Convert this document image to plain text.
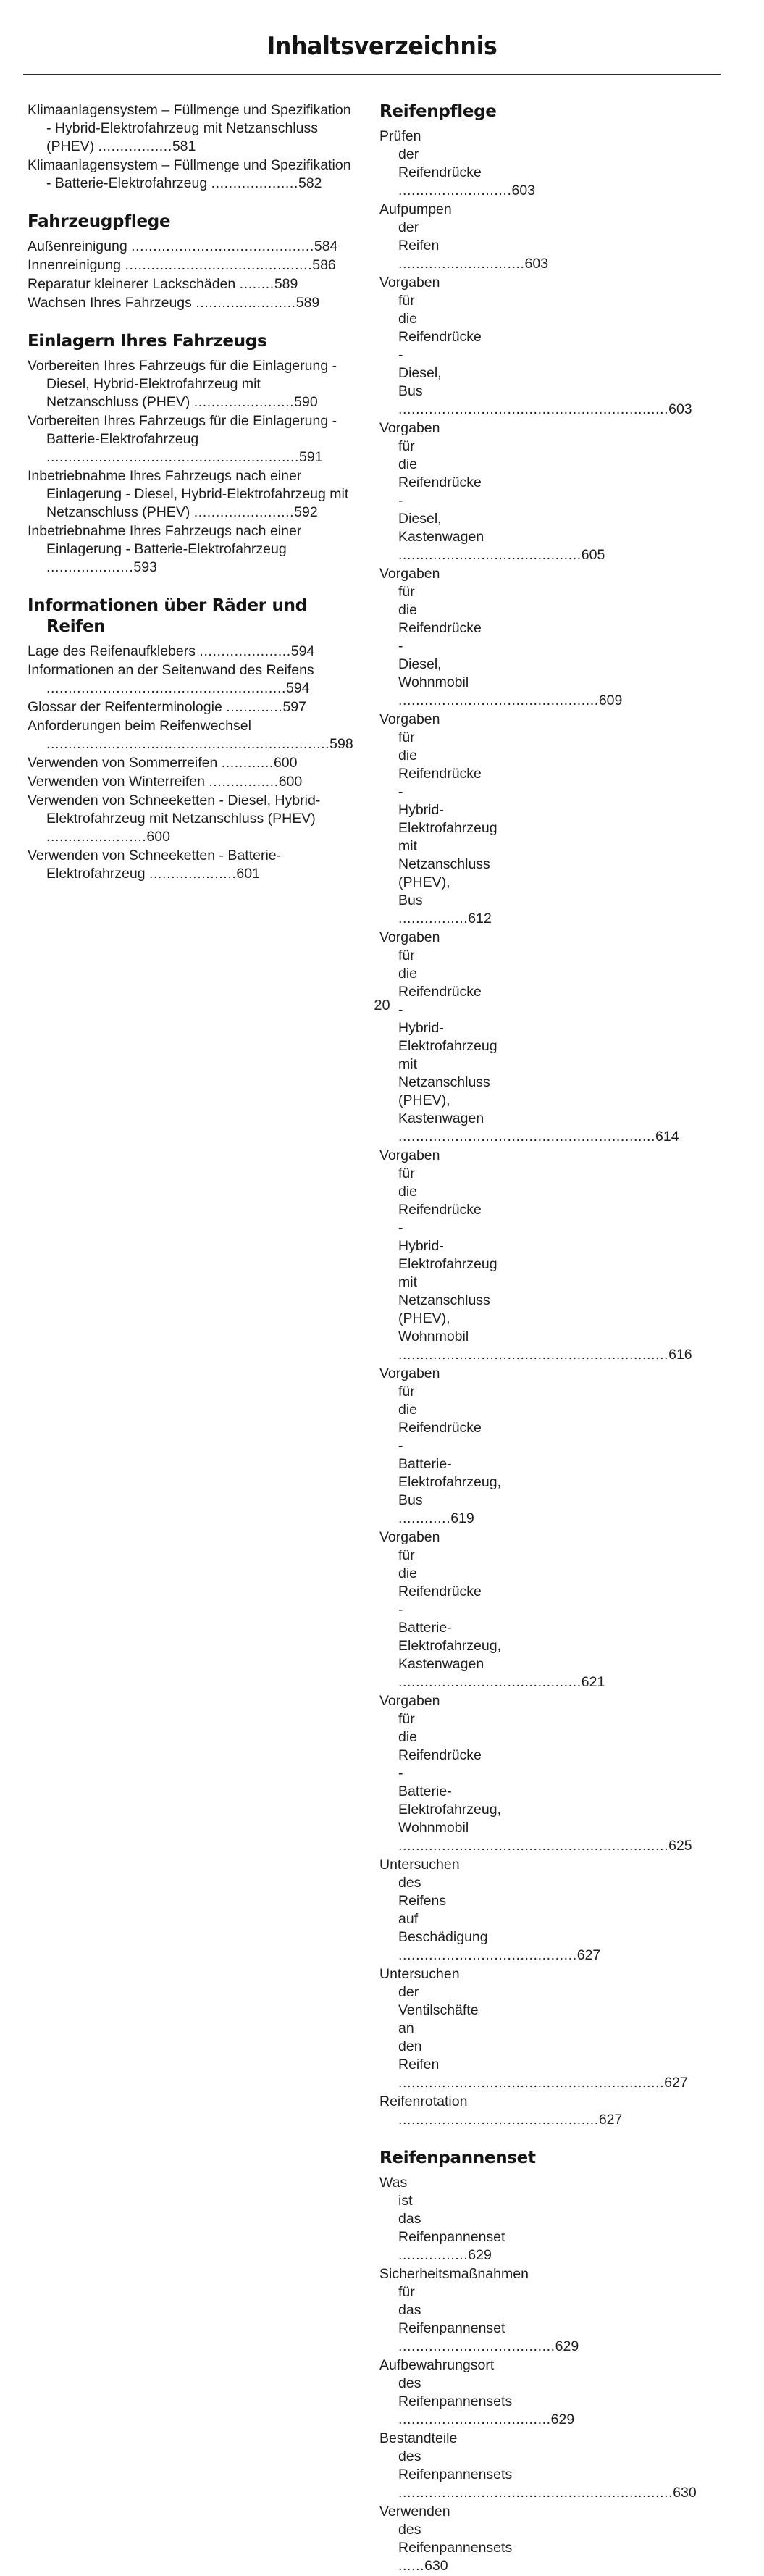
Inhaltsverzeichnis
Klimaanlagensystem – Füllmenge und Spezifikation - Hybrid-Elektrofahrzeug mit Netzanschluss (PHEV) .................581
Klimaanlagensystem – Füllmenge und Spezifikation - Batterie-Elektrofahrzeug ....................582
Fahrzeugpflege
Außenreinigung ..........................................584
Innenreinigung ...........................................586
Reparatur kleinerer Lackschäden ........589
Wachsen Ihres Fahrzeugs .......................589
Einlagern Ihres Fahrzeugs
Vorbereiten Ihres Fahrzeugs für die Einlagerung - Diesel, Hybrid-Elektrofahrzeug mit Netzanschluss (PHEV) .......................590
Vorbereiten Ihres Fahrzeugs für die Einlagerung - Batterie-Elektrofahrzeug ..........................................................591
Inbetriebnahme Ihres Fahrzeugs nach einer Einlagerung - Diesel, Hybrid-Elektrofahrzeug mit Netzanschluss (PHEV) .......................592
Inbetriebnahme Ihres Fahrzeugs nach einer Einlagerung - Batterie-Elektrofahrzeug ....................593
Informationen über Räder und Reifen
Lage des Reifenaufklebers .....................594
Informationen an der Seitenwand des Reifens .......................................................594
Glossar der Reifenterminologie .............597
Anforderungen beim Reifenwechsel .................................................................598
Verwenden von Sommerreifen ............600
Verwenden von Winterreifen ................600
Verwenden von Schneeketten - Diesel, Hybrid-Elektrofahrzeug mit Netzanschluss (PHEV) .......................600
Verwenden von Schneeketten - Batterie-Elektrofahrzeug ....................601
Reifenpflege
Prüfen der Reifendrücke ..........................603
Aufpumpen der Reifen .............................603
Vorgaben für die Reifendrücke - Diesel, Bus ..............................................................603
Vorgaben für die Reifendrücke - Diesel, Kastenwagen ..........................................605
Vorgaben für die Reifendrücke - Diesel, Wohnmobil ..............................................609
Vorgaben für die Reifendrücke - Hybrid-Elektrofahrzeug mit Netzanschluss (PHEV), Bus ................612
Vorgaben für die Reifendrücke - Hybrid-Elektrofahrzeug mit Netzanschluss (PHEV), Kastenwagen ...........................................................614
Vorgaben für die Reifendrücke - Hybrid-Elektrofahrzeug mit Netzanschluss (PHEV), Wohnmobil ..............................................................616
Vorgaben für die Reifendrücke - Batterie-Elektrofahrzeug, Bus ............619
Vorgaben für die Reifendrücke - Batterie-Elektrofahrzeug, Kastenwagen ..........................................621
Vorgaben für die Reifendrücke - Batterie-Elektrofahrzeug, Wohnmobil ..............................................................625
Untersuchen des Reifens auf Beschädigung .........................................627
Untersuchen der Ventilschäfte an den Reifen .............................................................627
Reifenrotation ..............................................627
Reifenpannenset
Was ist das Reifenpannenset ................629
Sicherheitsmaßnahmen für das Reifenpannenset ....................................629
Aufbewahrungsort des Reifenpannensets ...................................629
Bestandteile des Reifenpannensets ...............................................................630
Verwenden des Reifenpannensets ......630
20
